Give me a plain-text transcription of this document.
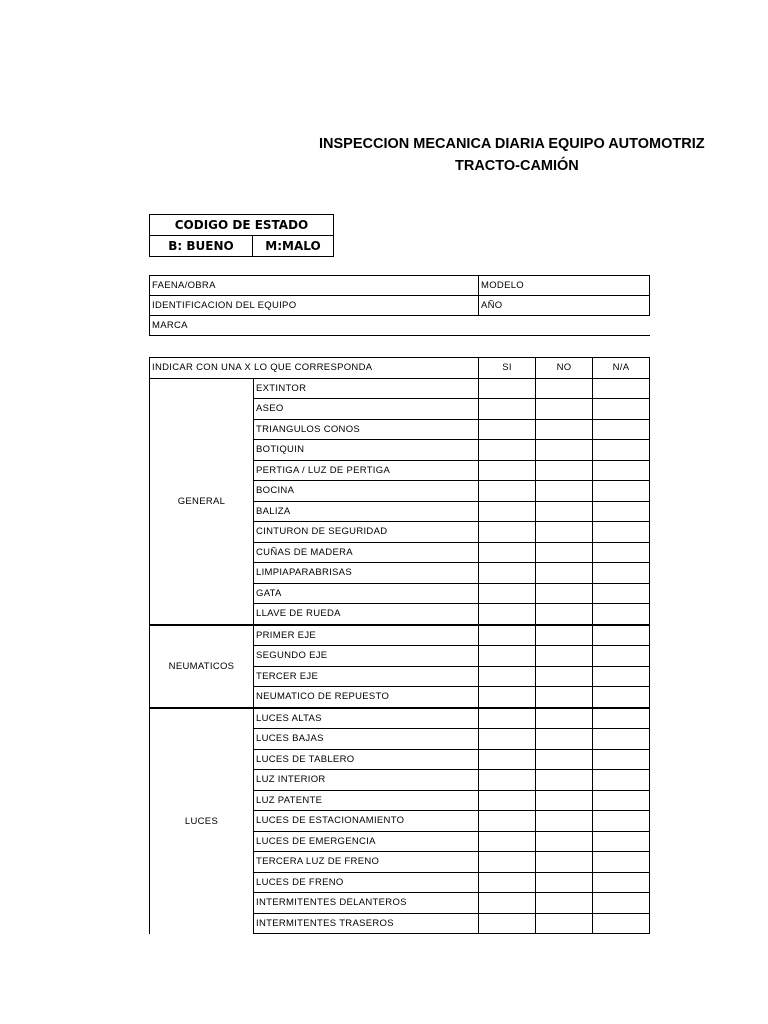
INSPECCION MECANICA DIARIA EQUIPO AUTOMOTRIZ
TRACTO-CAMIÓN
CODIGO DE ESTADO
B: BUENO	M:MALO
FAENA/OBRA	MODELO
IDENTIFICACION DEL EQUIPO	AÑO
MARCA	
INDICAR CON UNA X LO QUE CORRESPONDA		SI	NO	N/A
GENERAL	EXTINTOR			
	ASEO			
	TRIANGULOS CONOS			
	BOTIQUIN			
	PERTIGA / LUZ DE PERTIGA			
	BOCINA			
	BALIZA			
	CINTURON DE SEGURIDAD			
	CUÑAS DE MADERA			
	LIMPIAPARABRISAS			
	GATA			
	LLAVE DE RUEDA			
NEUMATICOS	PRIMER EJE			
	SEGUNDO EJE			
	TERCER EJE			
	NEUMATICO DE REPUESTO			
LUCES	LUCES ALTAS			
	LUCES BAJAS			
	LUCES DE TABLERO			
	LUZ INTERIOR			
	LUZ PATENTE			
	LUCES DE ESTACIONAMIENTO			
	LUCES DE EMERGENCIA			
	TERCERA LUZ DE FRENO			
	LUCES DE FRENO			
	INTERMITENTES DELANTEROS			
	INTERMITENTES TRASEROS			
